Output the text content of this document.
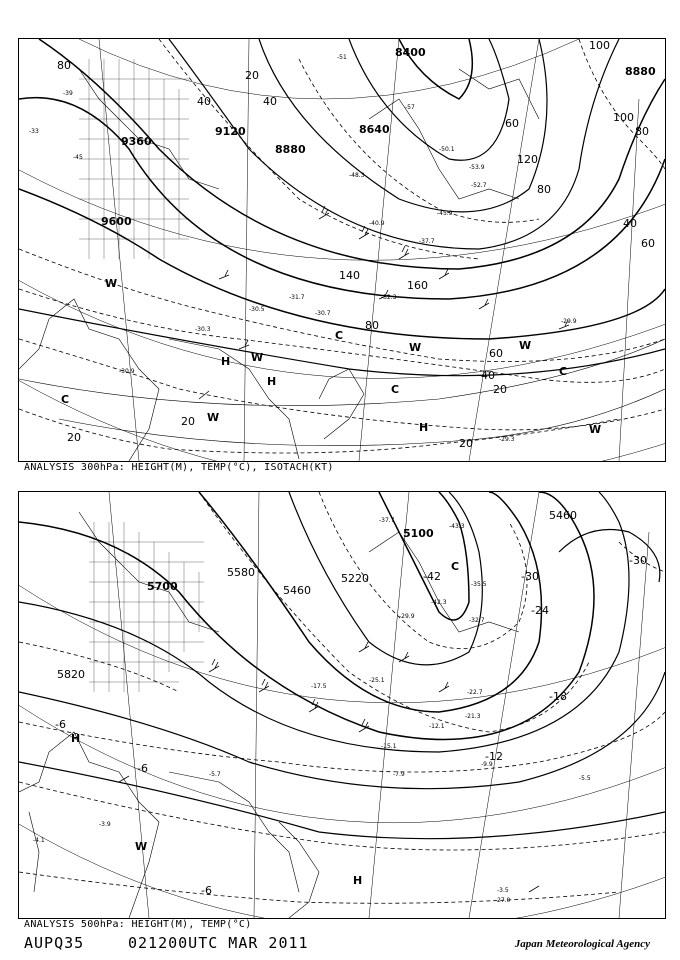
8400
8880
8880
9120
9360
9600
8640
80
40
20
40
60	100
80
120
140
160
80
60
40
20
20
20
40
60
80
100
20
-33
-39
-45
-51
-57
-53.9
-52.7
-50.1
-48.3
-45.9
-40.9
-37.7
-31.7
-30.5
-29.9
-29.3
-32.3
-30.7
-30.9
-30.3
H
H
H
W
W
W
W	W
W
C
C
C
C
ANALYSIS 300hPa: HEIGHT(M), TEMP(°C), ISOTACH(KT)
5100
5220
5460
5580
5700
5820
5460
-42	-30
-24
-18
-12
-6
-6
-30
-6
-43.3
-42.3
-37.7
-35.5
-32.7
-29.9
-25.1
-22.7
-21.3
-17.5
-15.1
-12.1
-9.9
-7.9
-5.7
-5.5
-4.1
-3.9
-3.5
27.0
H
H
W
C
ANALYSIS 500hPa: HEIGHT(M), TEMP(°C)
AUPQ35	021200UTC MAR 2011	Japan Meteorological Agency
